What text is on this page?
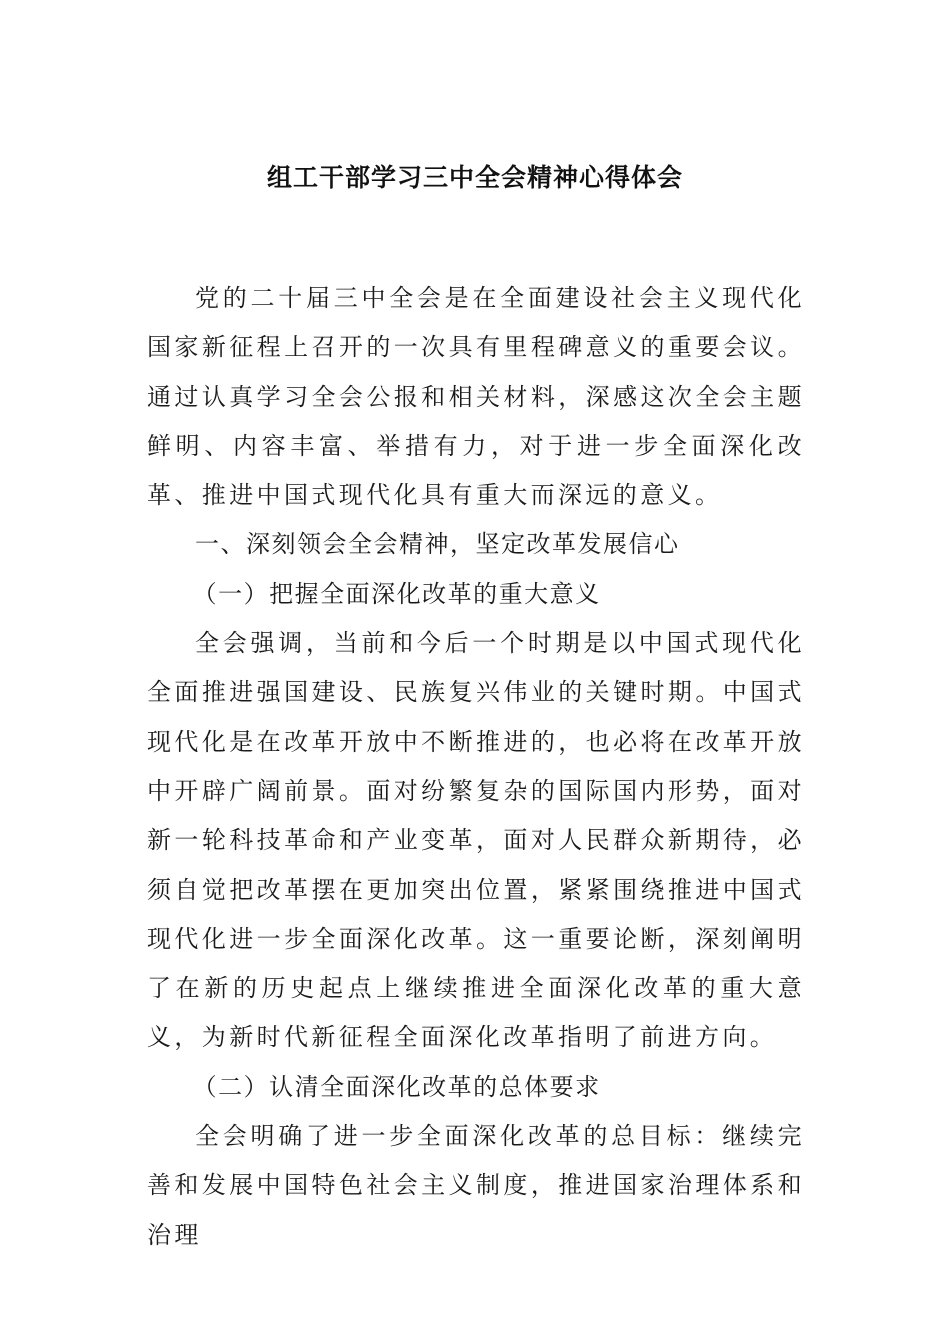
组工干部学习三中全会精神心得体会

党的二十届三中全会是在全面建设社会主义现代化国家新征程上召开的一次具有里程碑意义的重要会议。通过认真学习全会公报和相关材料，深感这次全会主题鲜明、内容丰富、举措有力，对于进一步全面深化改革、推进中国式现代化具有重大而深远的意义。

一、深刻领会全会精神，坚定改革发展信心

（一）把握全面深化改革的重大意义

全会强调，当前和今后一个时期是以中国式现代化全面推进强国建设、民族复兴伟业的关键时期。中国式现代化是在改革开放中不断推进的，也必将在改革开放中开辟广阔前景。面对纷繁复杂的国际国内形势，面对新一轮科技革命和产业变革，面对人民群众新期待，必须自觉把改革摆在更加突出位置，紧紧围绕推进中国式现代化进一步全面深化改革。这一重要论断，深刻阐明了在新的历史起点上继续推进全面深化改革的重大意义，为新时代新征程全面深化改革指明了前进方向。

（二）认清全面深化改革的总体要求

全会明确了进一步全面深化改革的总目标：继续完善和发展中国特色社会主义制度，推进国家治理体系和治理
